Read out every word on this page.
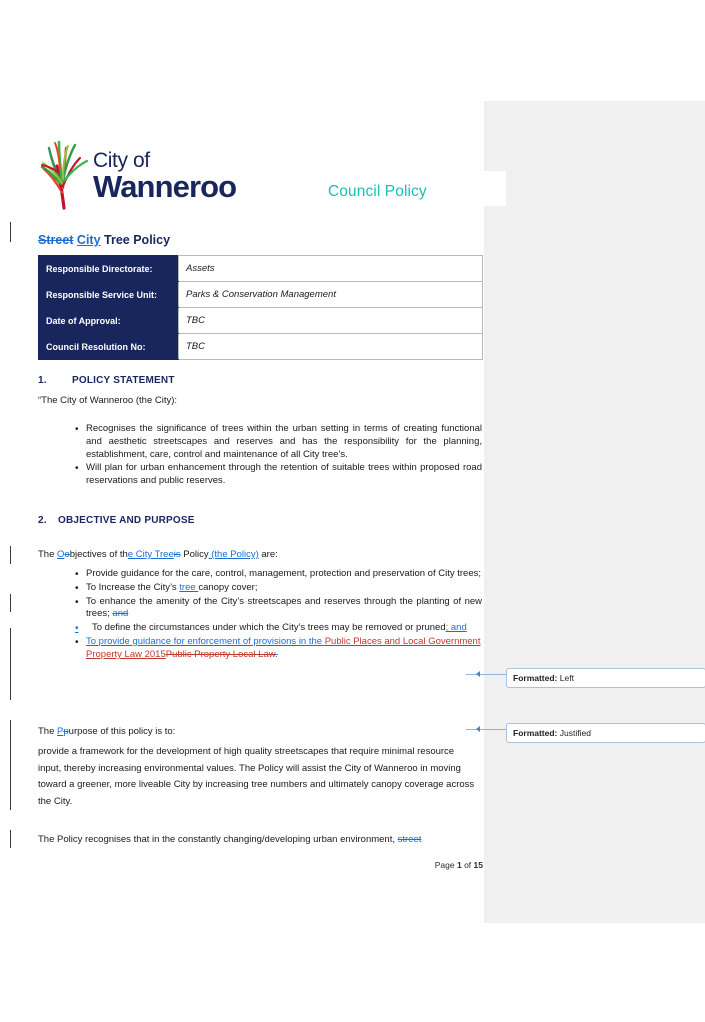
City of
Wanneroo	Council Policy
Street City Tree Policy
Responsible Directorate:	Assets
Responsible Service Unit:	Parks & Conservation Management
Date of Approval:	TBC
Council Resolution No:	TBC
1.	POLICY STATEMENT
“The City of Wanneroo (the City):
• Recognises the significance of trees within the urban setting in terms of creating functional and aesthetic streetscapes and reserves and has the responsibility for the planning, establishment, care, control and maintenance of all City tree’s.
• Will plan for urban enhancement through the retention of suitable trees within proposed road reservations and public reserves.
2. OBJECTIVE AND PURPOSE
The Oobjectives of the City Treeis Policy (the Policy) are:
• Provide guidance for the care, control, management, protection and preservation of City trees;
• To Increase the City’s tree canopy cover;
• To enhance the amenity of the City’s streetscapes and reserves through the planting of new trees; and
• To define the circumstances under which the City’s trees may be removed or pruned; and
• To provide guidance for enforcement of provisions in the Public Places and Local Government Property Law 2015Public Property Local Law.
The Ppurpose of this policy is to:
provide a framework for the development of high quality streetscapes that require minimal resource input, thereby increasing environmental values. The Policy will assist the City of Wanneroo in moving toward a greener, more liveable City by increasing tree numbers and ultimately canopy coverage across the City.
The Policy recognises that in the constantly changing/developing urban environment, street
Formatted: Left
Formatted: Justified
Page 1 of 15
